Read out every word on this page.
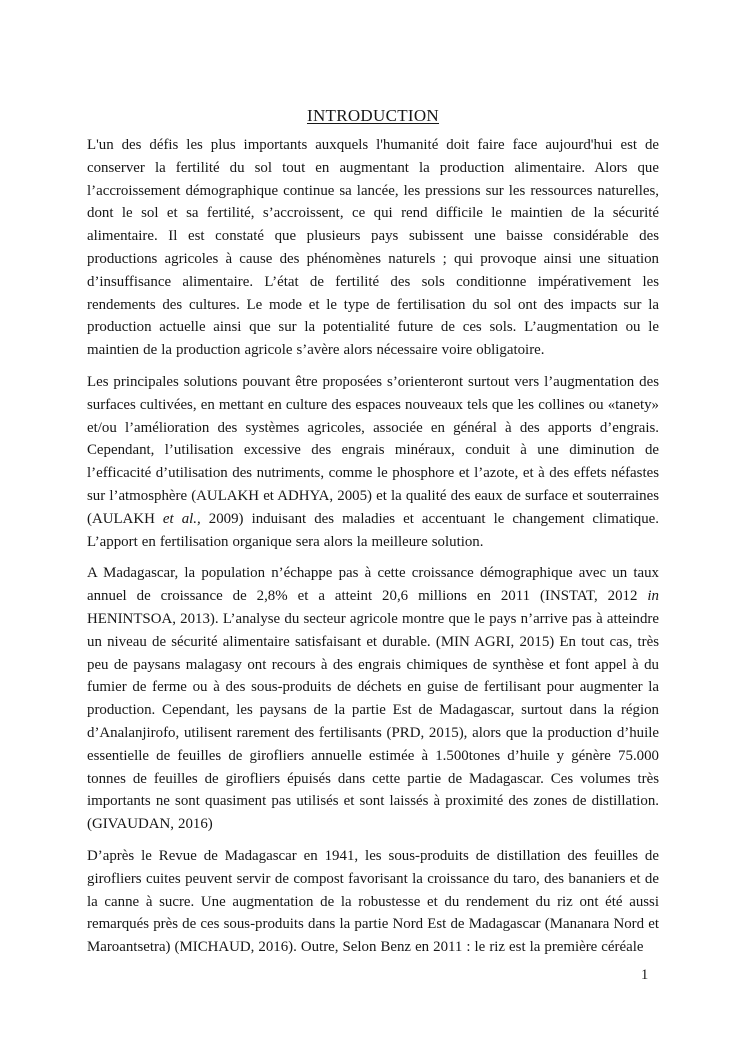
INTRODUCTION

L'un des défis les plus importants auxquels l'humanité doit faire face aujourd'hui est de conserver la fertilité du sol tout en augmentant la production alimentaire. Alors que l’accroissement démographique continue sa lancée, les pressions sur les ressources naturelles, dont le sol et sa fertilité, s’accroissent, ce qui rend difficile le maintien de la sécurité alimentaire. Il est constaté que plusieurs pays subissent une baisse considérable des productions agricoles à cause des phénomènes naturels ; qui provoque ainsi une situation d’insuffisance alimentaire. L’état de fertilité des sols conditionne impérativement les rendements des cultures. Le mode et le type de fertilisation du sol ont des impacts sur la production actuelle ainsi que sur la potentialité future de ces sols. L’augmentation ou le maintien de la production agricole s’avère alors nécessaire voire obligatoire.

Les principales solutions pouvant être proposées s’orienteront surtout vers l’augmentation des surfaces cultivées, en mettant en culture des espaces nouveaux tels que les collines ou «tanety» et/ou l’amélioration des systèmes agricoles, associée en général à des apports d’engrais. Cependant, l’utilisation excessive des engrais minéraux, conduit à une diminution de l’efficacité d’utilisation des nutriments, comme le phosphore et l’azote, et à des effets néfastes sur l’atmosphère (AULAKH et ADHYA, 2005) et la qualité des eaux de surface et souterraines (AULAKH et al., 2009) induisant des maladies et accentuant le changement climatique. L’apport en fertilisation organique sera alors la meilleure solution.

A Madagascar, la population n’échappe pas à cette croissance démographique avec un taux annuel de croissance de 2,8% et a atteint 20,6 millions en 2011 (INSTAT, 2012 in HENINTSOA, 2013). L’analyse du secteur agricole montre que le pays n’arrive pas à atteindre un niveau de sécurité alimentaire satisfaisant et durable. (MIN AGRI, 2015) En tout cas, très peu de paysans malagasy ont recours à des engrais chimiques de synthèse et font appel à du fumier de ferme ou à des sous-produits de déchets en guise de fertilisant pour augmenter la production. Cependant, les paysans de la partie Est de Madagascar, surtout dans la région d’Analanjirofo, utilisent rarement des fertilisants (PRD, 2015), alors que la production d’huile essentielle de feuilles de girofliers annuelle estimée à 1.500tones d’huile y génère 75.000 tonnes de feuilles de girofliers épuisés dans cette partie de Madagascar. Ces volumes très importants ne sont quasiment pas utilisés et sont laissés à proximité des zones de distillation. (GIVAUDAN, 2016)

D’après le Revue de Madagascar en 1941, les sous-produits de distillation des feuilles de girofliers cuites peuvent servir de compost favorisant la croissance du taro, des bananiers et de la canne à sucre. Une augmentation de la robustesse et du rendement du riz ont été aussi remarqués près de ces sous-produits dans la partie Nord Est de Madagascar (Mananara Nord et Maroantsetra) (MICHAUD, 2016). Outre, Selon Benz en 2011 : le riz est la première céréale

1
